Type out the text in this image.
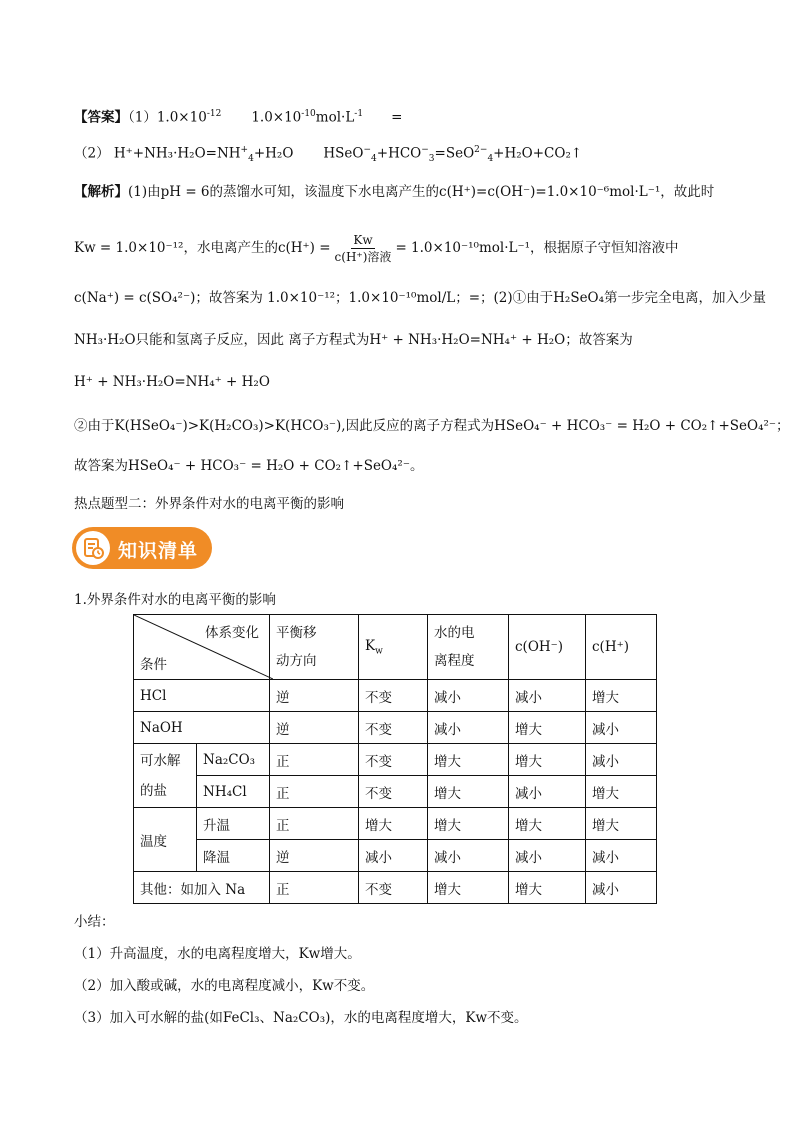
【答案】$(1)1.0\times 10^{-12}$ $1.0\times 10^{-10}mol\cdot L^{-1}$ =
（2） $H^++NH_3\cdot H_2O=NH^+_4+H_2O$ $HSeO^-_4+HCO^-_3=SeO^{2-}_4+H_2O+CO_2↑$
【解析】(1)由pH = 6的蒸馏水可知，该温度下水电离产生的c(H⁺)=c(OH⁻)=1.0×10⁻⁶mol·L⁻¹，故此时
Kw = 1.0×10⁻¹²，水电离产生的$c(H^+) = \frac{Kw}{\text{c(H⁺)溶液}} = 1.0\times 10^{-10}mol\cdot L^{-1}$，根据原子守恒知溶液中
c(Na⁺) = c(SO₄²⁻)；故答案为 1.0×10⁻¹²；1.0×10⁻¹⁰mol/L；=；(2)①由于H₂SeO₄第一步完全电离，加入少量
NH₃·H₂O只能和氢离子反应，因此 离子方程式为H⁺ + NH₃·H₂O=NH₄⁺ + H₂O；故答案为
H⁺ + NH₃·H₂O=NH₄⁺ + H₂O
②由于K(HSeO₄⁻)>K(H₂CO₃)>K(HCO₃⁻),因此反应的离子方程式为HSeO₄⁻ + HCO₃⁻ = H₂O + CO₂↑+SeO₄²⁻；
故答案为HSeO₄⁻ + HCO₃⁻ = H₂O + CO₂↑+SeO₄²⁻。
热点题型二：外界条件对水的电离平衡的影响
知识清单
1.外界条件对水的电离平衡的影响
体系变化
条件		平衡移
动方向	$K_w$	水的电
离程度	c(OH⁻)	c(H⁺)
HCl		逆	不变	减小	减小	增大
NaOH		逆	不变	减小	增大	减小
可水解
的盐	Na₂CO₃	正	不变	增大	增大	减小
	NH₄Cl	正	不变	增大	减小	增大
温度	升温	正	增大	增大	增大	增大
	降温	逆	减小	减小	减小	减小
其他：如加入 Na		正	不变	增大	增大	减小
小结：
（1）升高温度，水的电离程度增大，Kw增大。
（2）加入酸或碱，水的电离程度减小，Kw不变。
（3）加入可水解的盐(如FeCl₃、Na₂CO₃)，水的电离程度增大，Kw不变。
